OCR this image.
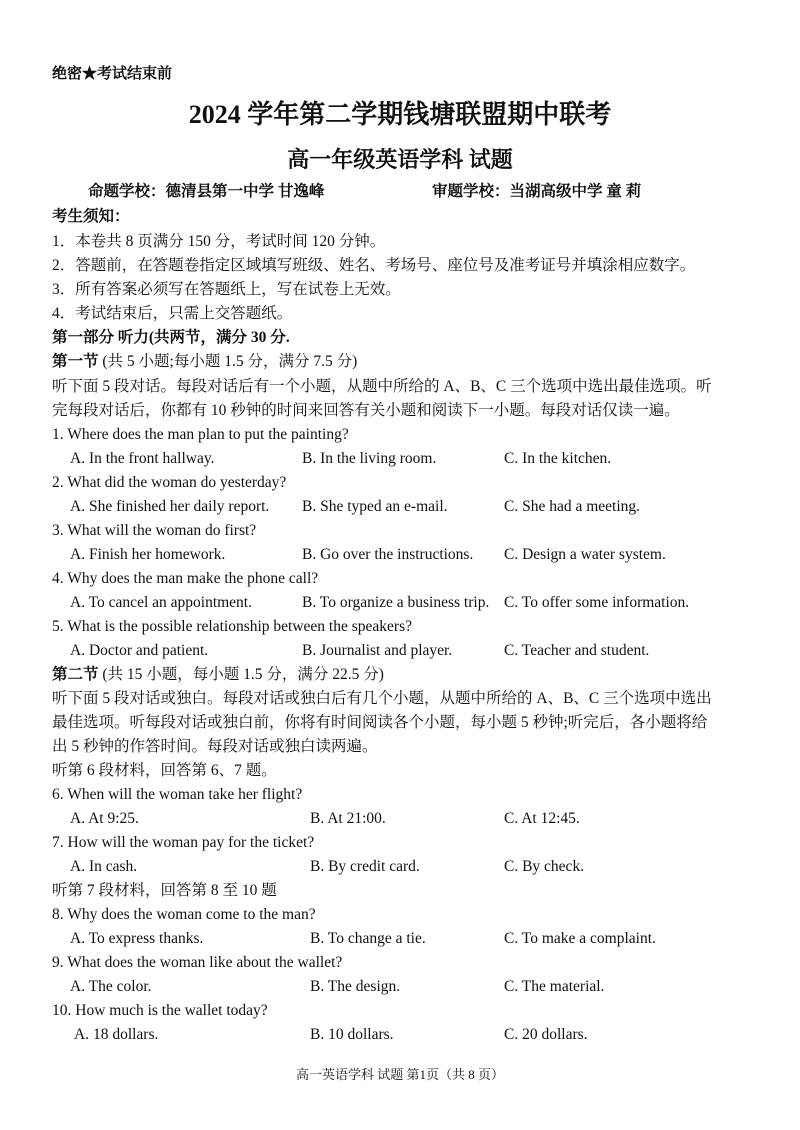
绝密★考试结束前
2024 学年第二学期钱塘联盟期中联考
高一年级英语学科 试题
命题学校：德清县第一中学 甘逸峰	审题学校：当湖高级中学 童 莉
考生须知：
1．本卷共 8 页满分 150 分，考试时间 120 分钟。
2．答题前，在答题卷指定区域填写班级、姓名、考场号、座位号及准考证号并填涂相应数字。
3．所有答案必须写在答题纸上，写在试卷上无效。
4．考试结束后，只需上交答题纸。
第一部分 听力(共两节，满分 30 分.
第一节 (共 5 小题;每小题 1.5 分，满分 7.5 分)
听下面 5 段对话。每段对话后有一个小题，从题中所给的 A、B、C 三个选项中选出最佳选项。听
完每段对话后，你都有 10 秒钟的时间来回答有关小题和阅读下一小题。每段对话仅读一遍。
1. Where does the man plan to put the painting?
A. In the front hallway.	B. In the living room.	C. In the kitchen.
2. What did the woman do yesterday?
A. She finished her daily report. B. She typed an e-mail.	C. She had a meeting.
3. What will the woman do first?
A. Finish her homework.	B. Go over the instructions. C. Design a water system.
4. Why does the man make the phone call?
A. To cancel an appointment.	B. To organize a business trip. C. To offer some information.
5. What is the possible relationship between the speakers?
A. Doctor and patient.	B. Journalist and player.	C. Teacher and student.
第二节 (共 15 小题，每小题 1.5 分，满分 22.5 分)
听下面 5 段对话或独白。每段对话或独白后有几个小题，从题中所给的 A、B、C 三个选项中选出
最佳选项。听每段对话或独白前，你将有时间阅读各个小题，每小题 5 秒钟;听完后，各小题将给
出 5 秒钟的作答时间。每段对话或独白读两遍。
听第 6 段材料，回答第 6、7 题。
6. When will the woman take her flight?
A. At 9:25.	B. At 21:00.	C. At 12:45.
7. How will the woman pay for the ticket?
A. In cash.	B. By credit card.	C. By check.
听第 7 段材料，回答第 8 至 10 题
8. Why does the woman come to the man?
A. To express thanks.	B. To change a tie.	C. To make a complaint.
9. What does the woman like about the wallet?
A. The color.	B. The design.	C. The material.
10. How much is the wallet today?
A. 18 dollars.	B. 10 dollars.	C. 20 dollars.
高一英语学科 试题 第1页（共 8 页）
